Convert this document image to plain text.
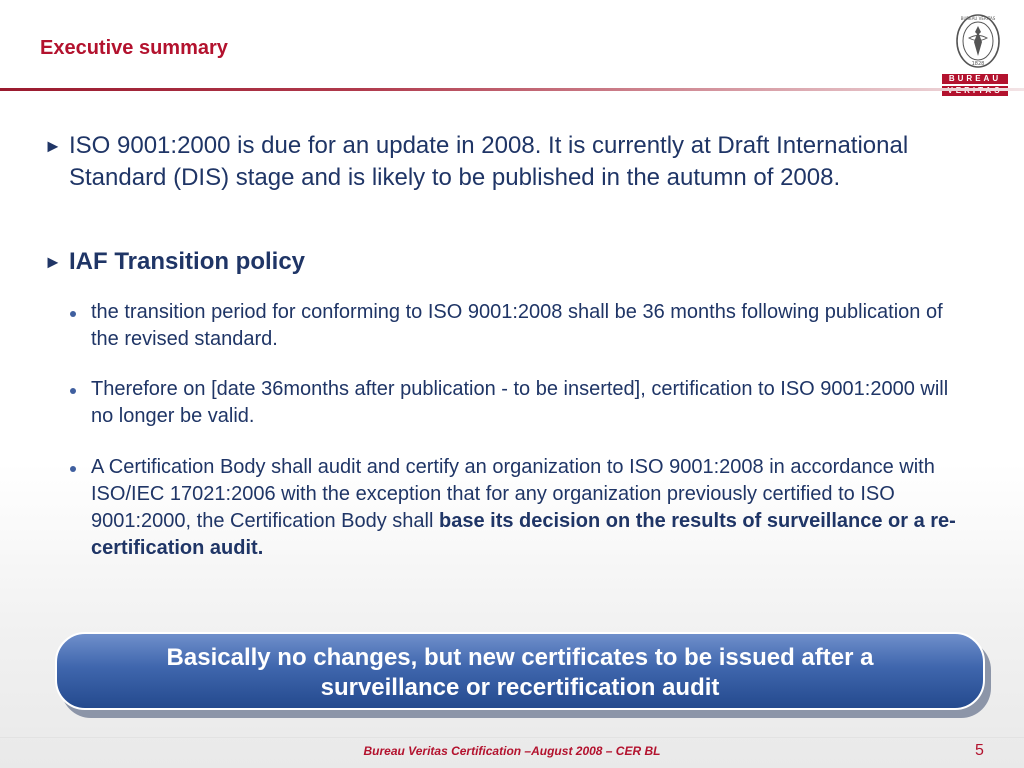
Executive summary
BUREAU VERITAS
1828
BUREAU
► ISO 9001:2000 is due for an update in 2008. It is currently at Draft International Standard (DIS) stage and is likely to be published in the autumn of 2008.
► IAF Transition policy
the transition period for conforming to ISO 9001:2008 shall be 36 months following publication of the revised standard.
Therefore on [date 36months after publication - to be inserted], certification to ISO 9001:2000 will no longer be valid.
A Certification Body shall audit and certify an organization to ISO 9001:2008 in accordance with ISO/IEC 17021:2006 with the exception that for any organization previously certified to ISO 9001:2000, the Certification Body shall base its decision on the results of surveillance or a re-certification audit.
Basically no changes, but new certificates to be issued after a
surveillance or recertification audit
Bureau Veritas Certification –August 2008 – CER BL	5
